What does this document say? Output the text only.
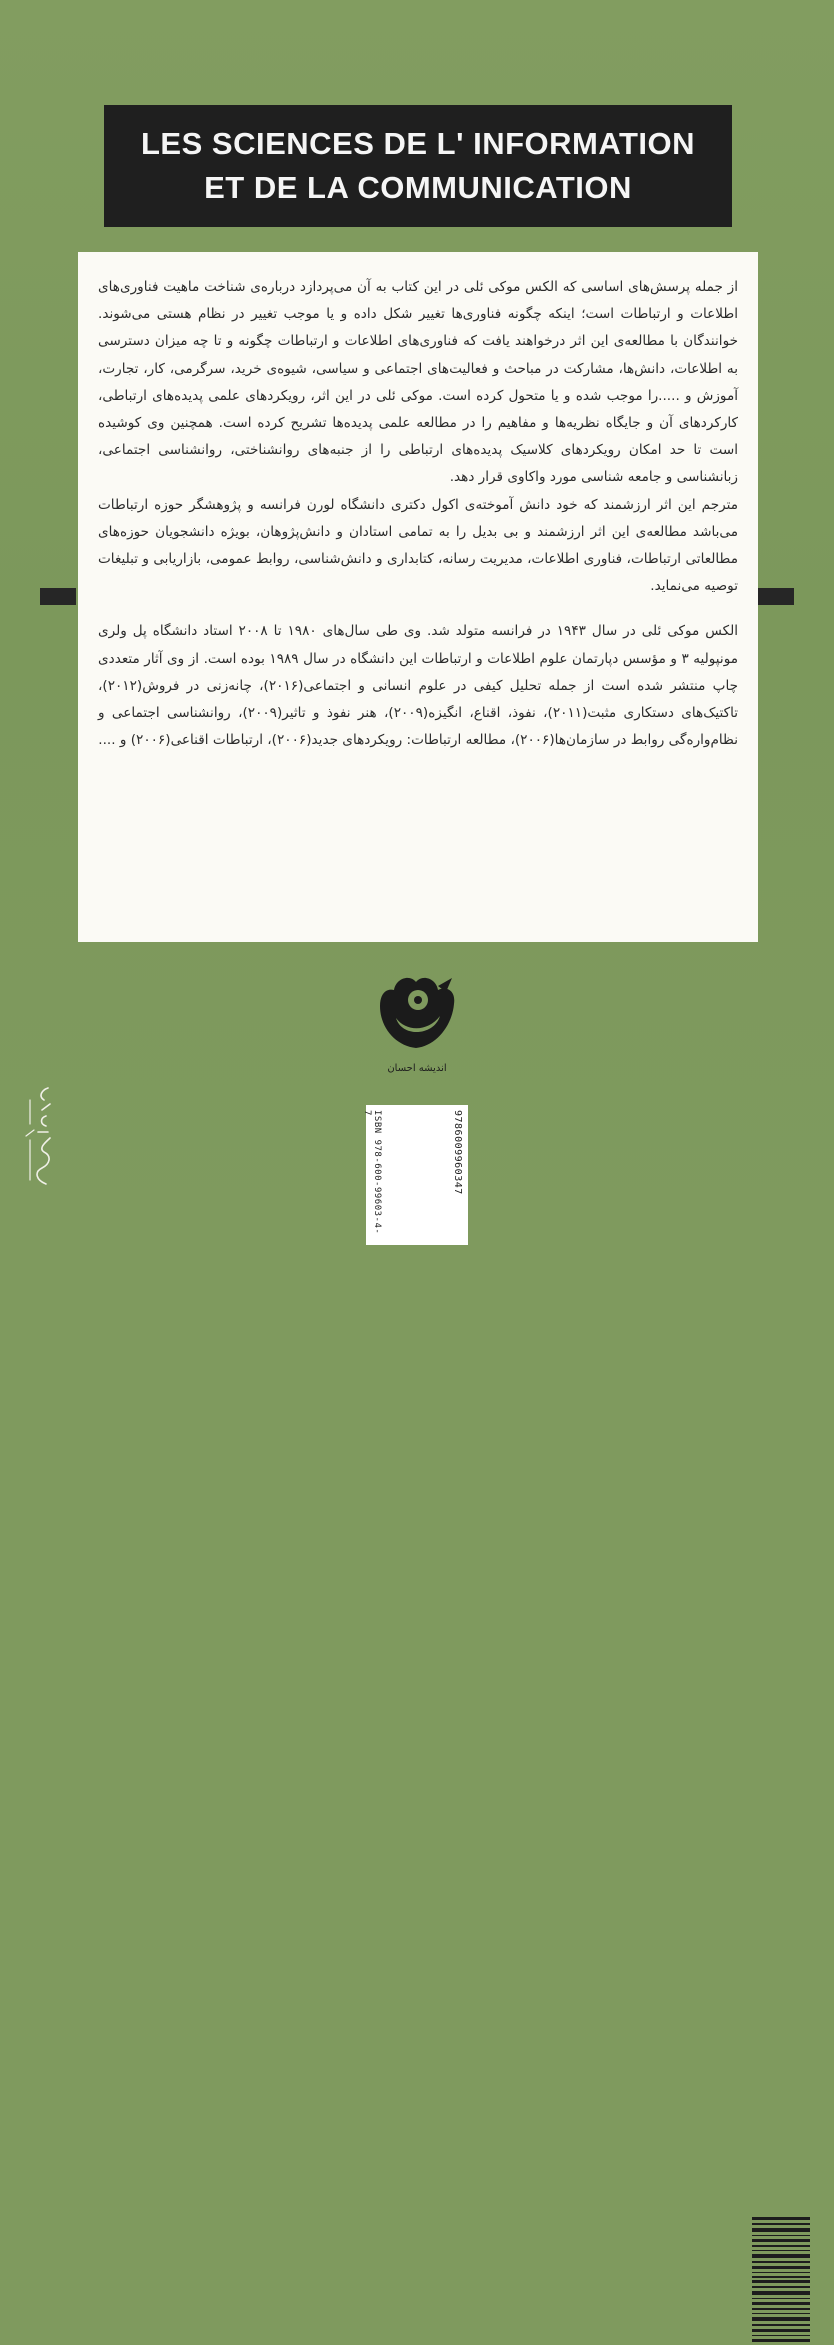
LES SCIENCES DE L' INFORMATION
ET DE LA COMMUNICATION

از جمله پرسش‌های اساسی که الکس موکی ئلی در این کتاب به آن می‌پردازد درباره‌ی شناخت ماهیت فناوری‌های اطلاعات و ارتباطات است؛ اینکه چگونه فناوری‌ها تغییر شکل داده و یا موجب تغییر در نظام هستی می‌شوند. خوانندگان با مطالعه‌ی این اثر درخواهند یافت که فناوری‌های اطلاعات و ارتباطات چگونه و تا چه میزان دسترسی به اطلاعات، دانش‌ها، مشارکت در مباحث و فعالیت‌های اجتماعی و سیاسی، شیوه‌ی خرید، سرگرمی، کار، تجارت، آموزش و .....را موجب شده و یا متحول کرده است. موکی ئلی در این اثر، رویکردهای علمی پدیده‌های ارتباطی، کارکردهای آن و جایگاه نظریه‌ها و مفاهیم را در مطالعه علمی پدیده‌ها تشریح کرده است. همچنین وی کوشیده است تا حد امکان رویکردهای کلاسیک پدیده‌های ارتباطی را از جنبه‌های روانشناختی، روانشناسی اجتماعی، زبانشناسی و جامعه شناسی مورد واکاوی قرار دهد.

مترجم این اثر ارزشمند که خود دانش آموخته‌ی اکول دکتری دانشگاه لورن فرانسه و پژوهشگر حوزه ارتباطات می‌باشد مطالعه‌ی این اثر ارزشمند و بی بدیل را به تمامی استادان و دانش‌پژوهان، بویژه دانشجویان حوزه‌های مطالعاتی ارتباطات، فناوری اطلاعات، مدیریت رسانه، کتابداری و دانش‌شناسی، روابط عمومی، بازاریابی و تبلیغات توصیه می‌نماید.

الکس موکی ئلی در سال ۱۹۴۳ در فرانسه متولد شد. وی طی سال‌های ۱۹۸۰ تا ۲۰۰۸ استاد دانشگاه پل ولری مونپولیه ۳ و مؤسس دپارتمان علوم اطلاعات و ارتباطات این دانشگاه در سال ۱۹۸۹ بوده است. از وی آثار متعددی چاپ منتشر شده است از جمله تحلیل کیفی در علوم انسانی و اجتماعی(۲۰۱۶)، چانه‌زنی در فروش(۲۰۱۲)، تاکتیک‌های دستکاری مثبت(۲۰۱۱)، نفوذ، اقناع، انگیزه(۲۰۰۹)، هنر نفوذ و تاثیر(۲۰۰۹)، روانشناسی اجتماعی و نظام‌واره‌گی روابط در سازمان‌ها(۲۰۰۶)، مطالعه ارتباطات: رویکردهای جدید(۲۰۰۶)، ارتباطات اقناعی(۲۰۰۶) و ....

اندیشه احسان
ISBN 978-600-99603-4-7	9786009960347
